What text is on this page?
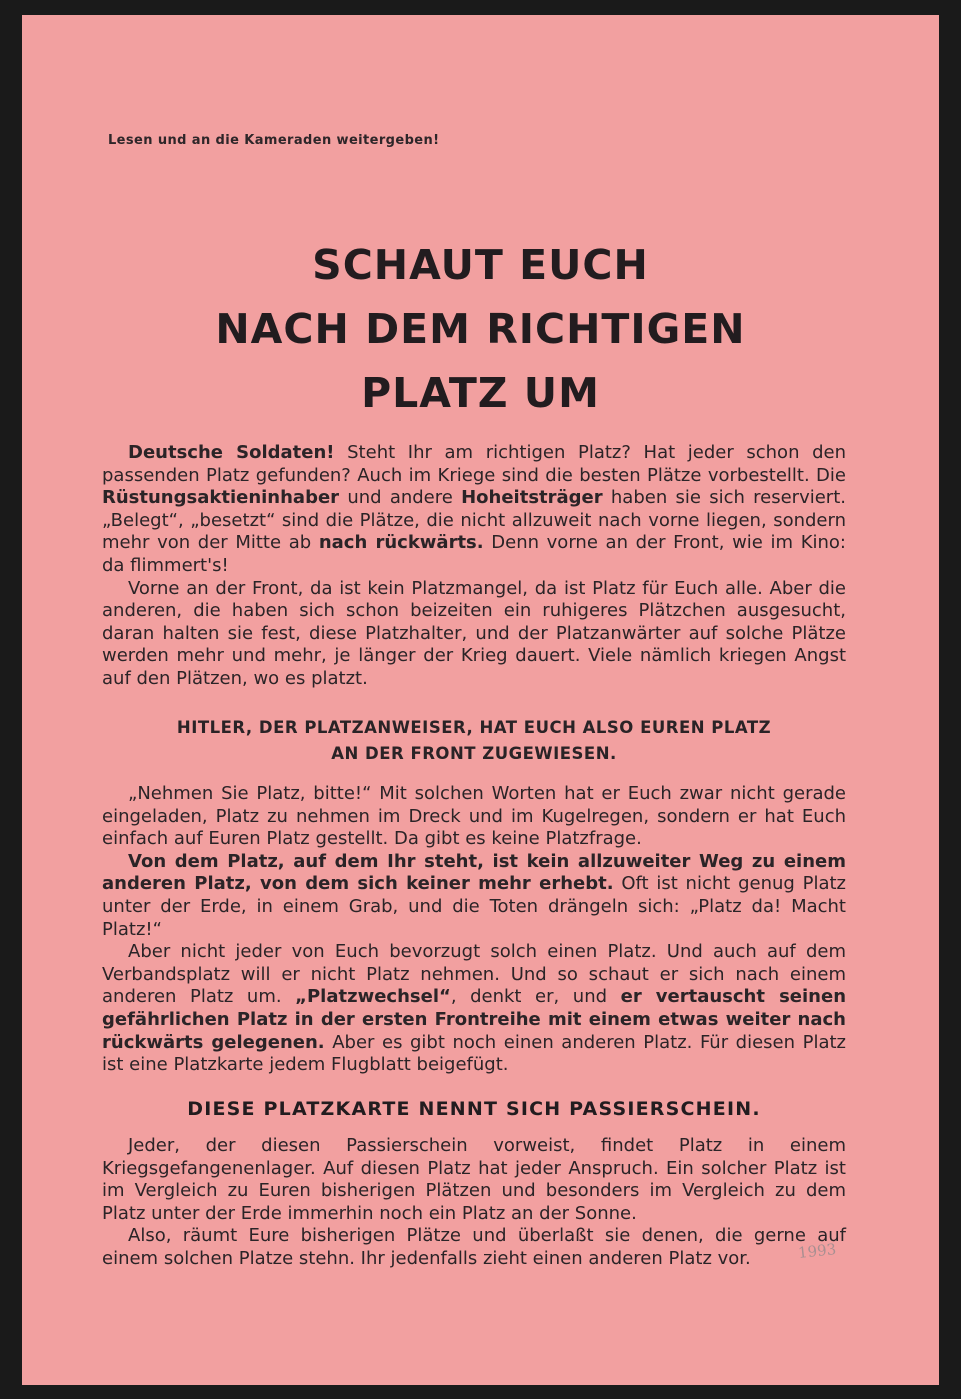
Lesen und an die Kameraden weitergeben!
SCHAUT EUCH
NACH DEM RICHTIGEN
PLATZ UM

Deutsche Soldaten! Steht Ihr am richtigen Platz? Hat jeder schon den passenden Platz gefunden? Auch im Kriege sind die besten Plätze vorbestellt. Die Rüstungsaktieninhaber und andere Hoheitsträger haben sie sich reserviert. „Belegt“, „besetzt“ sind die Plätze, die nicht allzuweit nach vorne liegen, sondern mehr von der Mitte ab nach rückwärts. Denn vorne an der Front, wie im Kino: da flimmert's!

Vorne an der Front, da ist kein Platzmangel, da ist Platz für Euch alle. Aber die anderen, die haben sich schon beizeiten ein ruhigeres Plätzchen ausgesucht, daran halten sie fest, diese Platzhalter, und der Platzanwärter auf solche Plätze werden mehr und mehr, je länger der Krieg dauert. Viele nämlich kriegen Angst auf den Plätzen, wo es platzt.

HITLER, DER PLATZANWEISER, HAT EUCH ALSO EUREN PLATZ
AN DER FRONT ZUGEWIESEN.

„Nehmen Sie Platz, bitte!“ Mit solchen Worten hat er Euch zwar nicht gerade eingeladen, Platz zu nehmen im Dreck und im Kugelregen, sondern er hat Euch einfach auf Euren Platz gestellt. Da gibt es keine Platzfrage.

Von dem Platz, auf dem Ihr steht, ist kein allzuweiter Weg zu einem anderen Platz, von dem sich keiner mehr erhebt. Oft ist nicht genug Platz unter der Erde, in einem Grab, und die Toten drängeln sich: „Platz da! Macht Platz!“

Aber nicht jeder von Euch bevorzugt solch einen Platz. Und auch auf dem Verbandsplatz will er nicht Platz nehmen. Und so schaut er sich nach einem anderen Platz um. „Platzwechsel“, denkt er, und er vertauscht seinen gefährlichen Platz in der ersten Frontreihe mit einem etwas weiter nach rückwärts gelegenen. Aber es gibt noch einen anderen Platz. Für diesen Platz ist eine Platzkarte jedem Flugblatt beigefügt.

DIESE PLATZKARTE NENNT SICH PASSIERSCHEIN.

Jeder, der diesen Passierschein vorweist, findet Platz in einem Kriegsgefangenenlager. Auf diesen Platz hat jeder Anspruch. Ein solcher Platz ist im Vergleich zu Euren bisherigen Plätzen und besonders im Vergleich zu dem Platz unter der Erde immerhin noch ein Platz an der Sonne.

Also, räumt Eure bisherigen Plätze und überlaßt sie denen, die gerne auf einem solchen Platze stehn. Ihr jedenfalls zieht einen anderen Platz vor.	1993
